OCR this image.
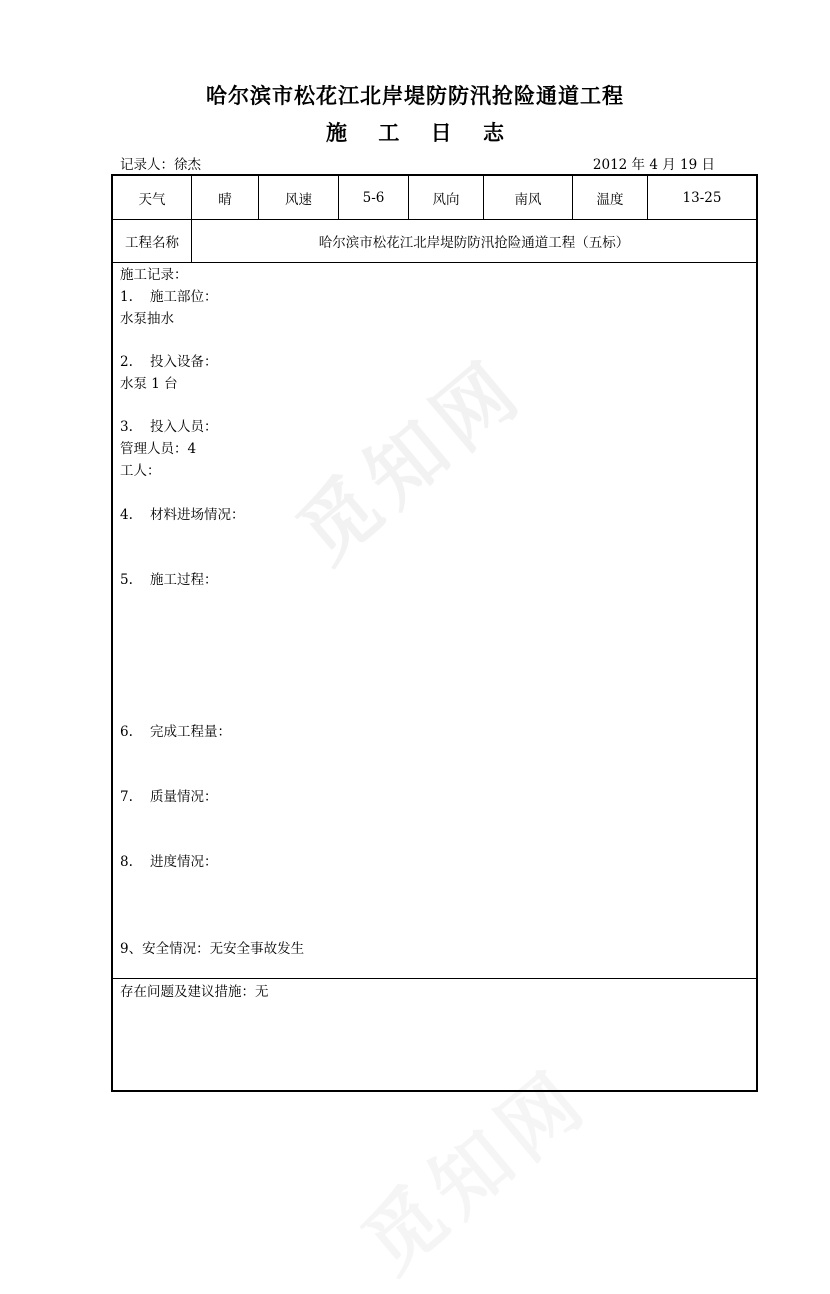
觅知网
哈尔滨市松花江北岸堤防防汛抢险通道工程
施 工 日 志
记录人：徐杰	2012 年 4 月 19 日
天气	晴	风速	5-6	风向	南风	温度	13-25
工程名称	哈尔滨市松花江北岸堤防防汛抢险通道工程（五标）
施工记录：
1.    施工部位：
水泵抽水
2.    投入设备：
水泵 1 台
3.    投入人员：
管理人员：4
工人：
4.    材料进场情况：
5.    施工过程：
6.    完成工程量：
7.    质量情况：
8.    进度情况：
9、安全情况：无安全事故发生
存在问题及建议措施：无
